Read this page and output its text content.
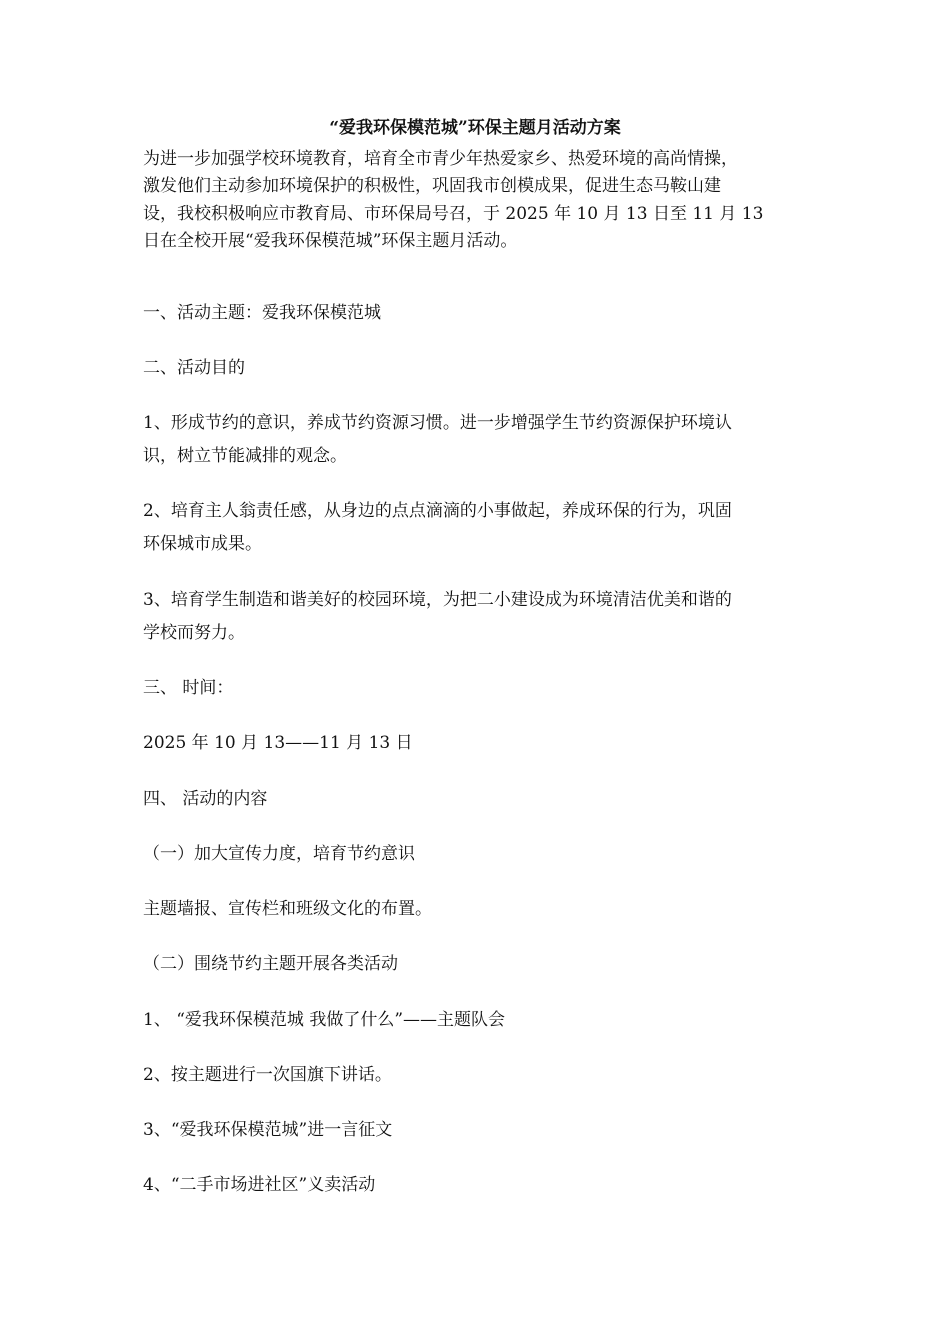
“爱我环保模范城”环保主题月活动方案
为进一步加强学校环境教育，培育全市青少年热爱家乡、热爱环境的高尚情操，
激发他们主动参加环境保护的积极性，巩固我市创模成果，促进生态马鞍山建
设，我校积极响应市教育局、市环保局号召，于 2025 年 10 月 13 日至 11 月 13
日在全校开展“爱我环保模范城”环保主题月活动。
一、活动主题：爱我环保模范城
二、活动目的
1、形成节约的意识，养成节约资源习惯。进一步增强学生节约资源保护环境认
识，树立节能减排的观念。
2、培育主人翁责任感，从身边的点点滴滴的小事做起，养成环保的行为，巩固
环保城市成果。
3、培育学生制造和谐美好的校园环境，为把二小建设成为环境清洁优美和谐的
学校而努力。
三、 时间：
2025 年 10 月 13——11 月 13 日
四、 活动的内容
（一）加大宣传力度，培育节约意识
主题墙报、宣传栏和班级文化的布置。
（二）围绕节约主题开展各类活动
1、 “爱我环保模范城 我做了什么”——主题队会
2、按主题进行一次国旗下讲话。
3、“爱我环保模范城”进一言征文
4、“二手市场进社区”义卖活动
